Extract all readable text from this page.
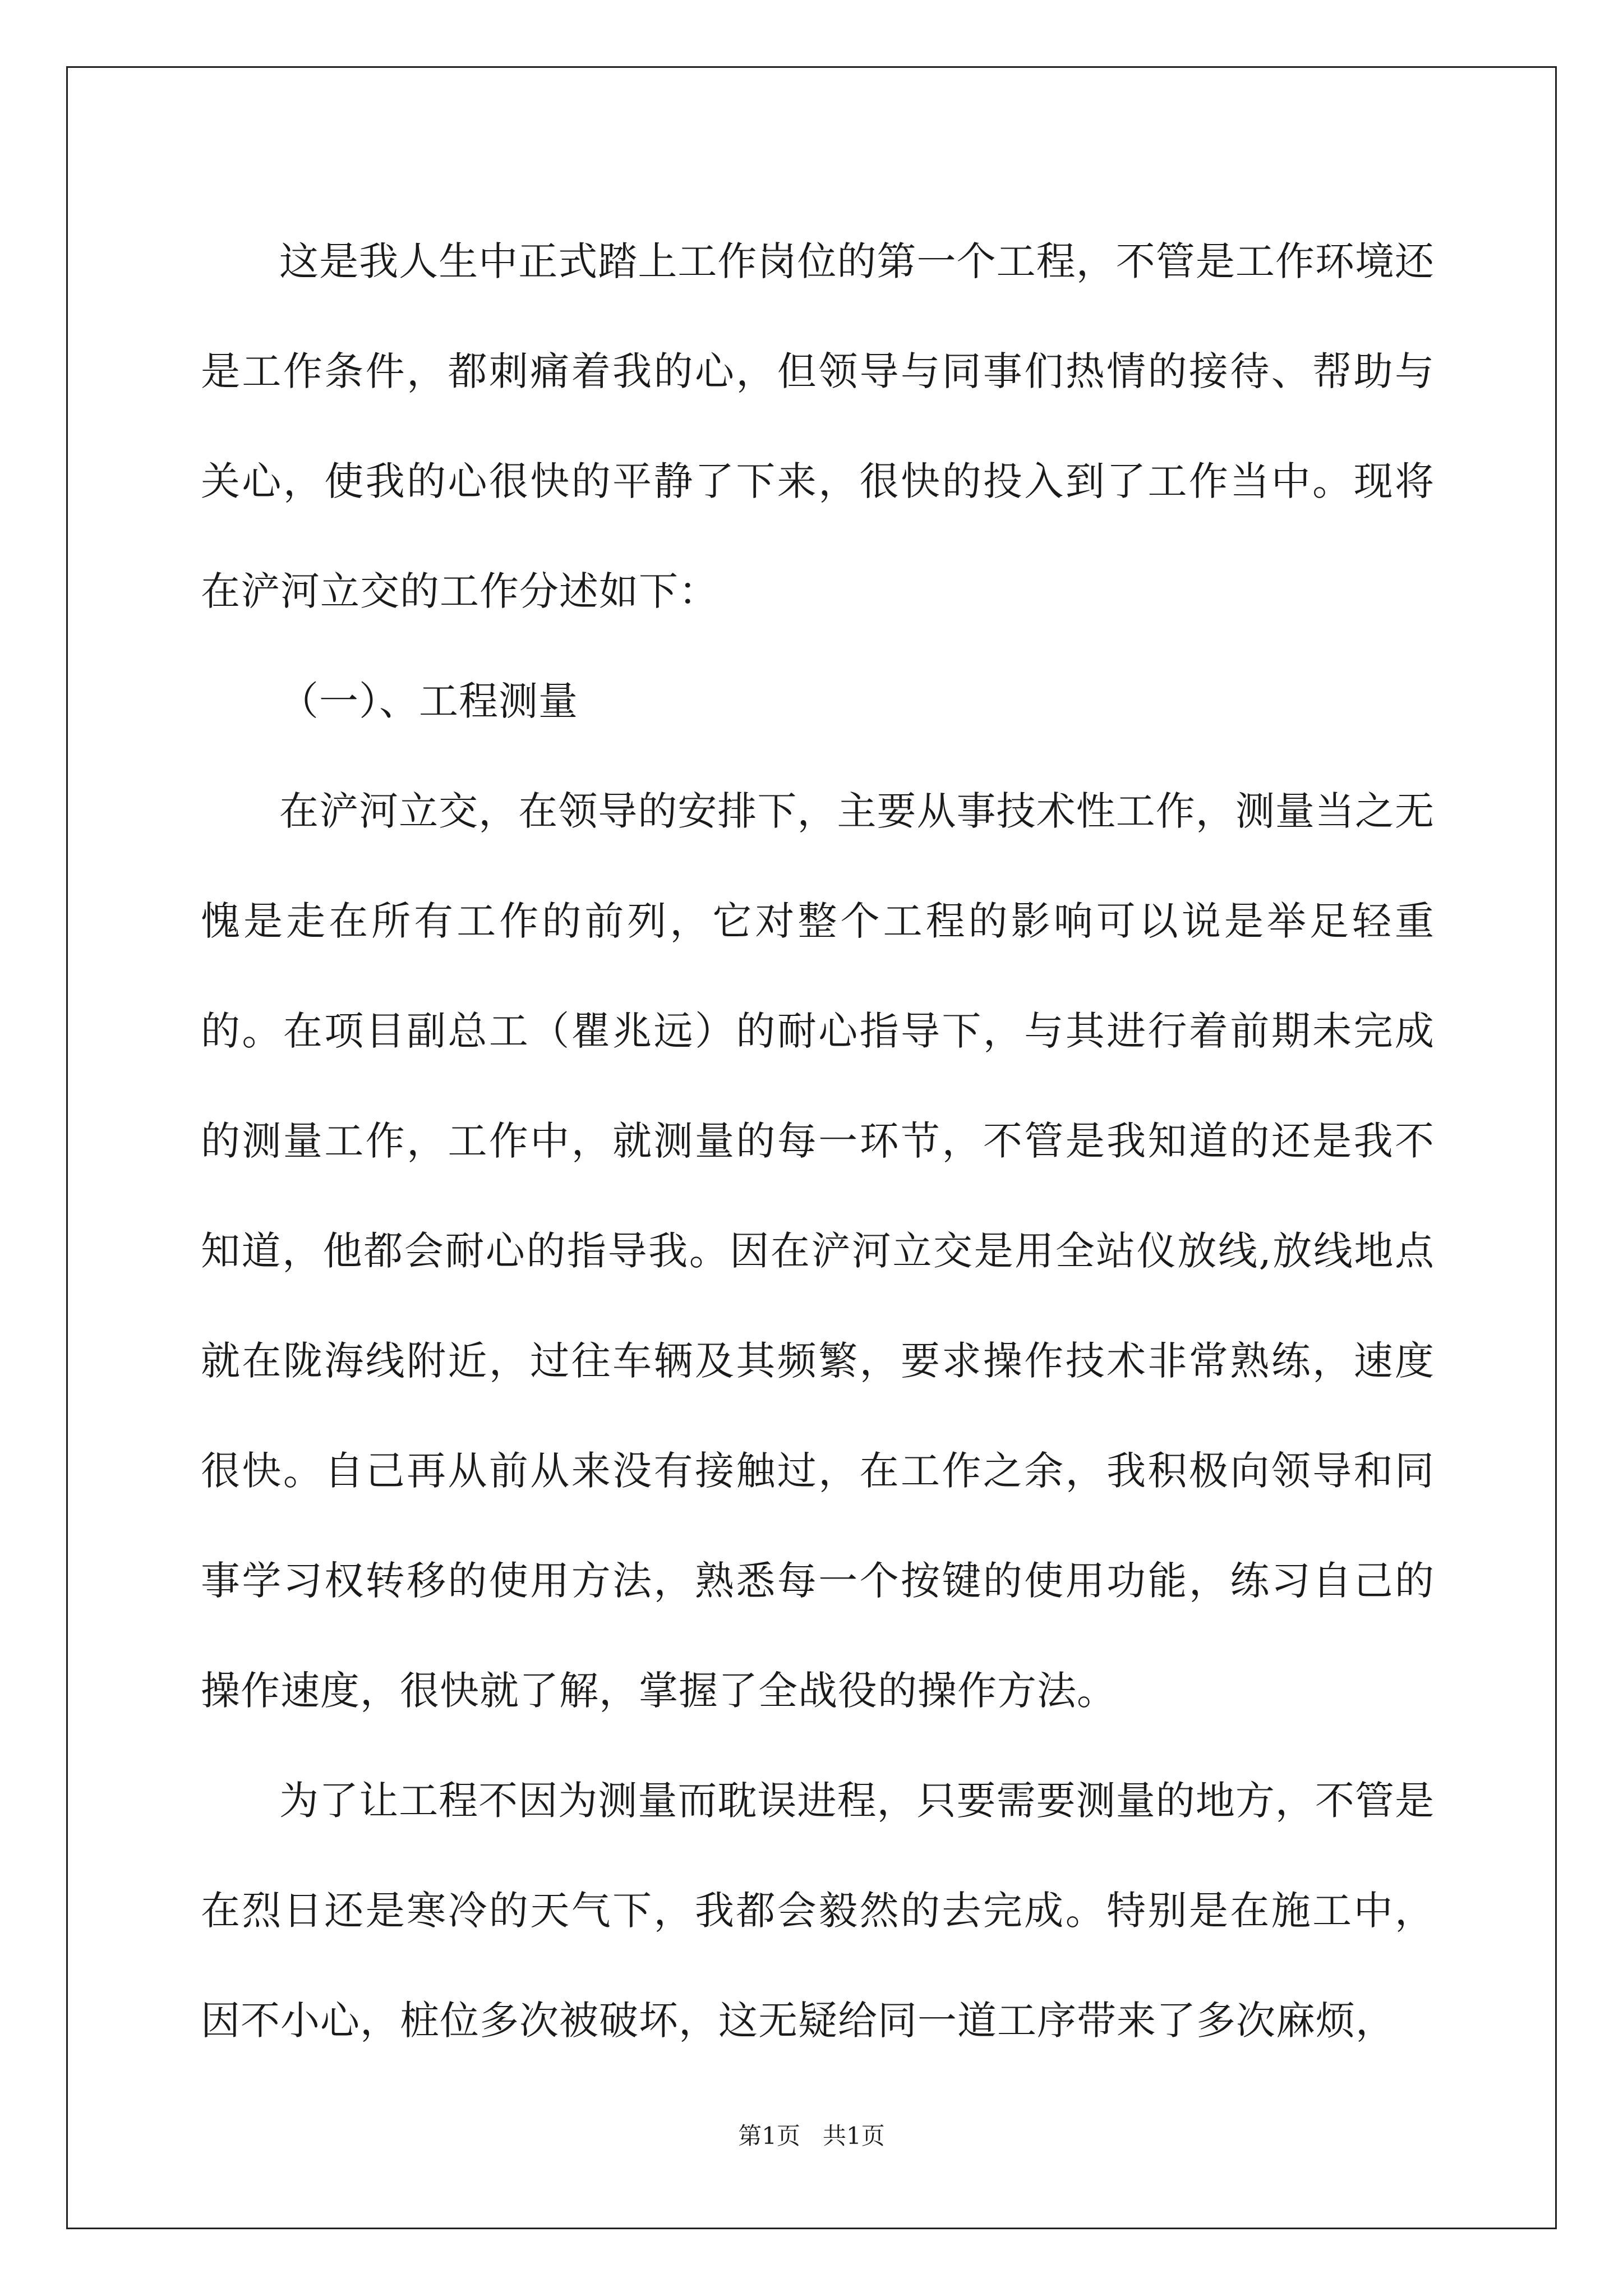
这是我人生中正式踏上工作岗位的第一个工程，不管是工作环境还是工作条件，都刺痛着我的心，但领导与同事们热情的接待、帮助与关心，使我的心很快的平静了下来，很快的投入到了工作当中。现将在浐河立交的工作分述如下：

（一）、工程测量

在浐河立交，在领导的安排下，主要从事技术性工作，测量当之无愧是走在所有工作的前列，它对整个工程的影响可以说是举足轻重的。在项目副总工（瞿兆远）的耐心指导下，与其进行着前期未完成的测量工作，工作中，就测量的每一环节，不管是我知道的还是我不知道，他都会耐心的指导我。因在浐河立交是用全站仪放线,放线地点就在陇海线附近，过往车辆及其频繁，要求操作技术非常熟练，速度很快。自己再从前从来没有接触过，在工作之余，我积极向领导和同事学习权转移的使用方法，熟悉每一个按键的使用功能，练习自己的操作速度，很快就了解，掌握了全战役的操作方法。

为了让工程不因为测量而耽误进程，只要需要测量的地方，不管是在烈日还是寒冷的天气下，我都会毅然的去完成。特别是在施工中，因不小心，桩位多次被破坏，这无疑给同一道工序带来了多次麻烦，

第1页   共1页
